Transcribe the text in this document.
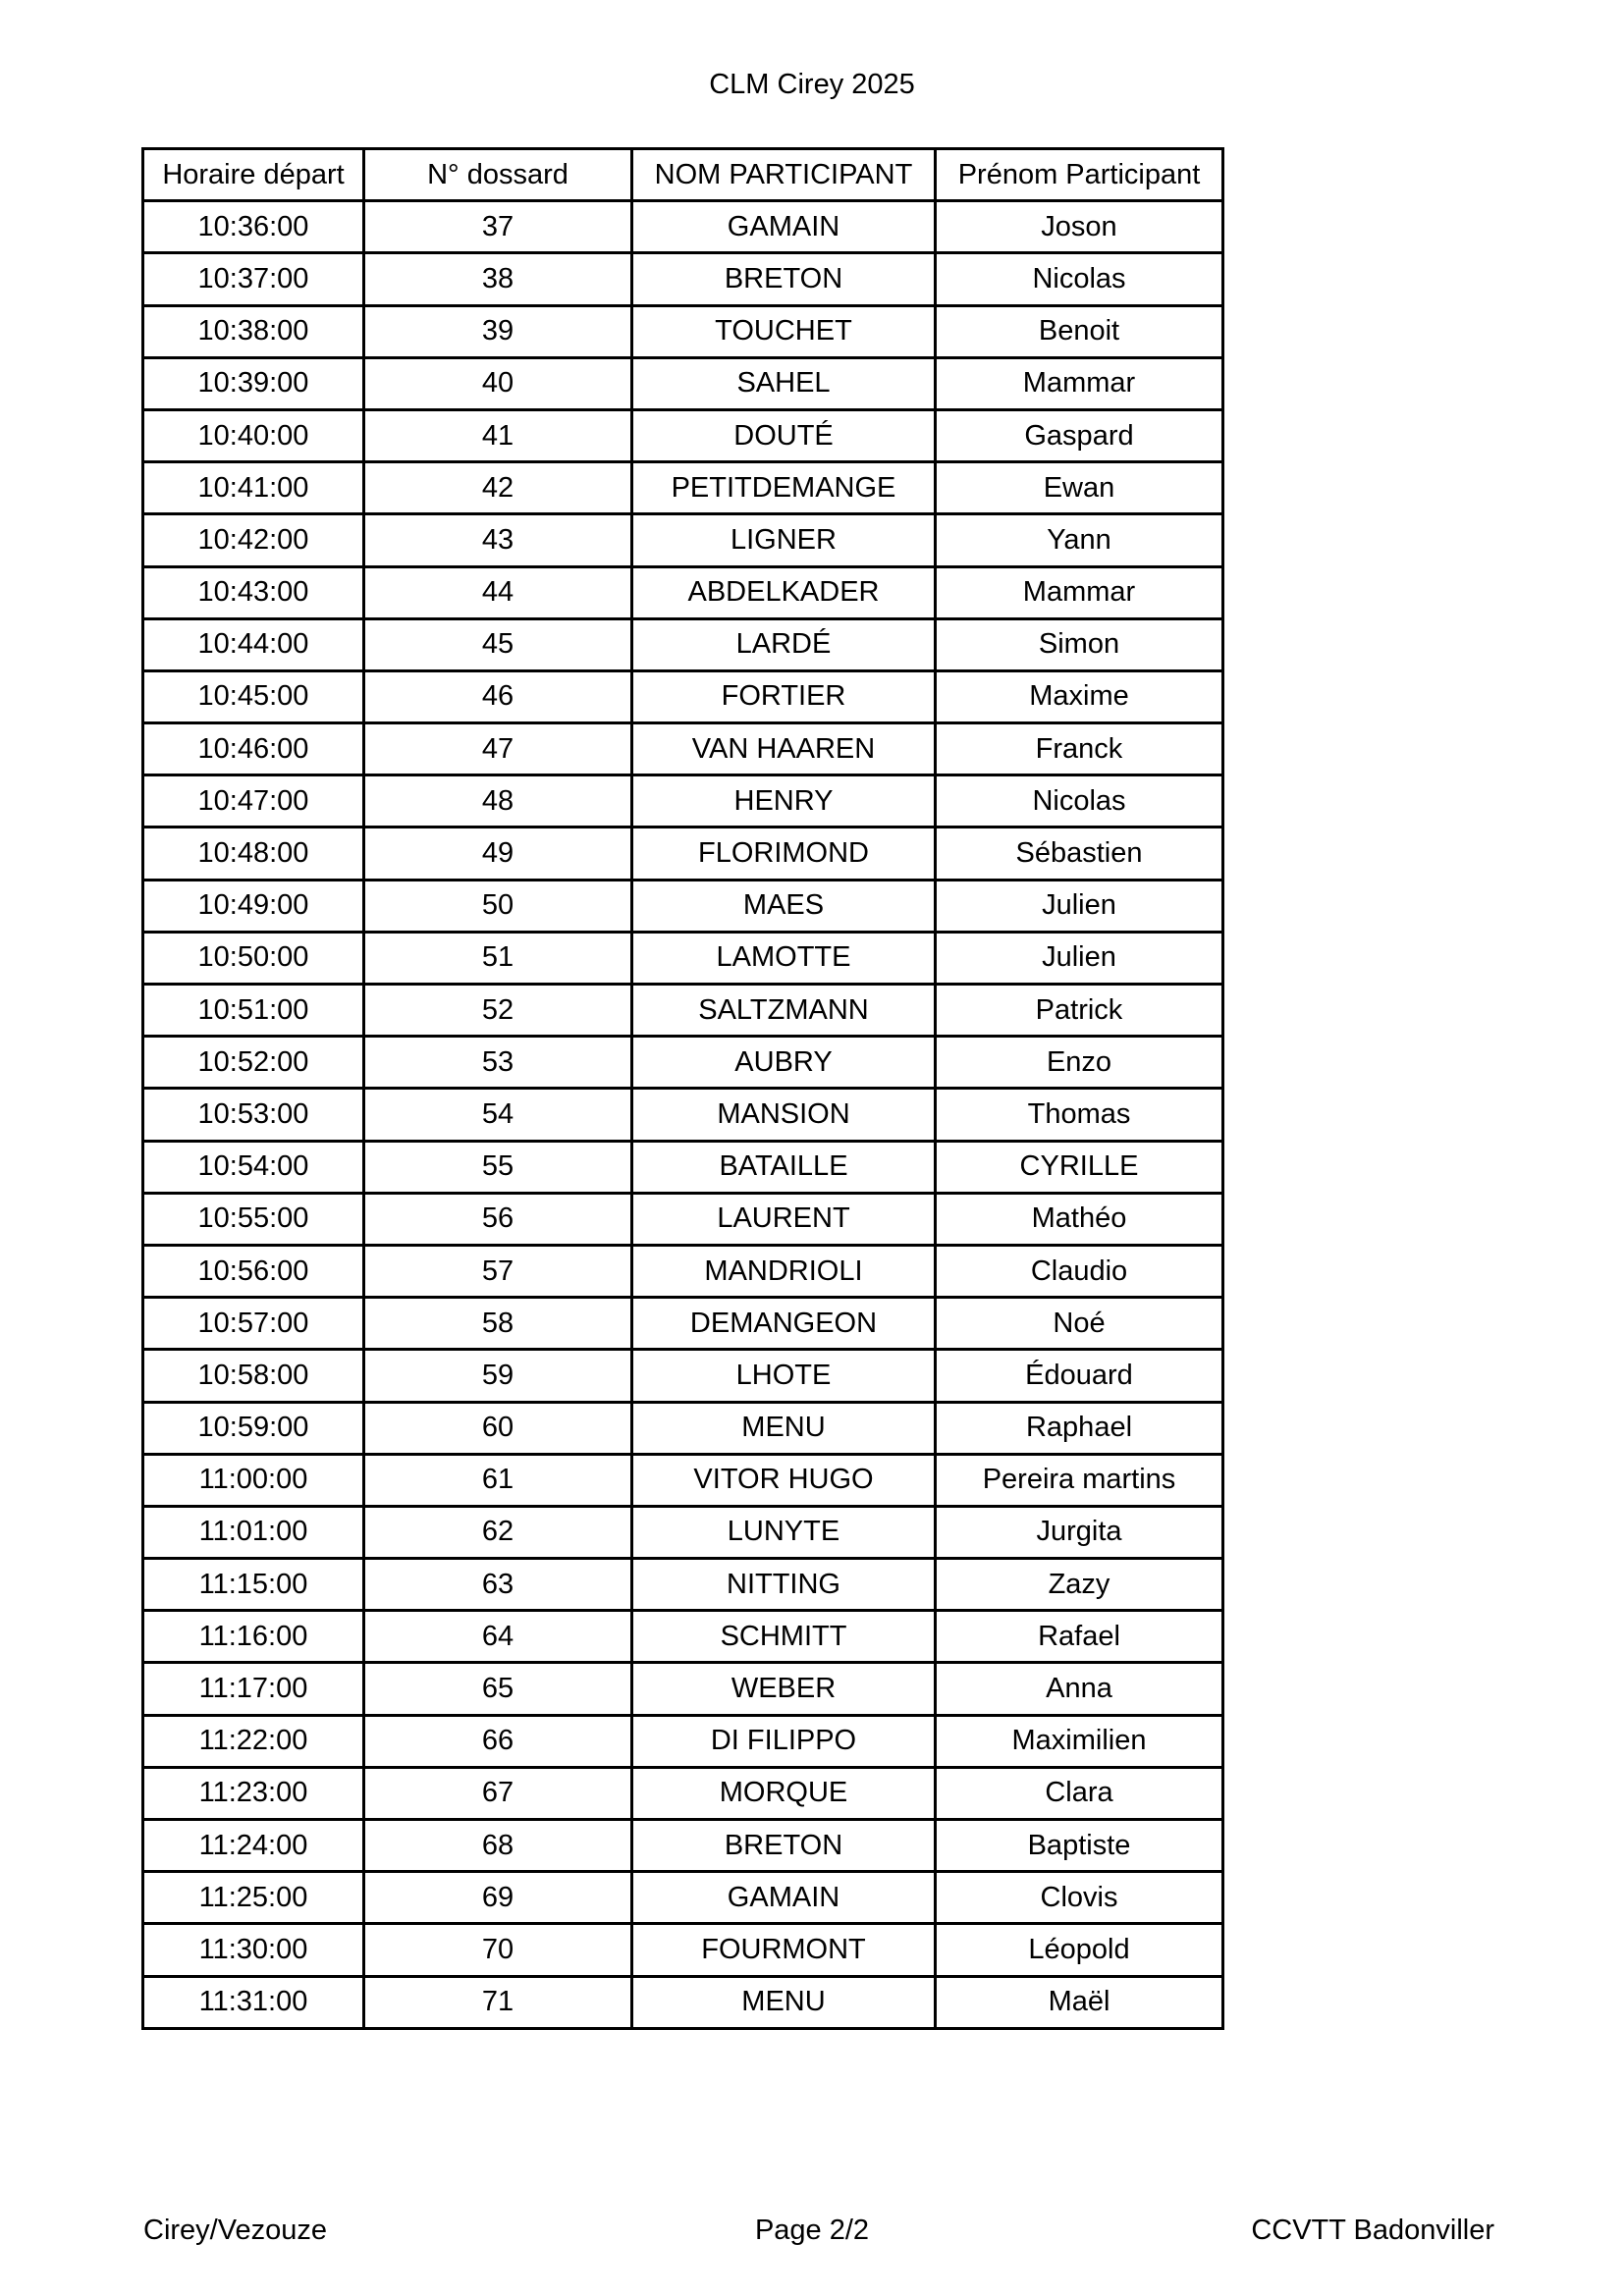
CLM Cirey 2025
Horaire départ	N° dossard	NOM PARTICIPANT	Prénom Participant
10:36:00	37	GAMAIN	Joson
10:37:00	38	BRETON	Nicolas
10:38:00	39	TOUCHET	Benoit
10:39:00	40	SAHEL	Mammar
10:40:00	41	DOUTÉ	Gaspard
10:41:00	42	PETITDEMANGE	Ewan
10:42:00	43	LIGNER	Yann
10:43:00	44	ABDELKADER	Mammar
10:44:00	45	LARDÉ	Simon
10:45:00	46	FORTIER	Maxime
10:46:00	47	VAN HAAREN	Franck
10:47:00	48	HENRY	Nicolas
10:48:00	49	FLORIMOND	Sébastien
10:49:00	50	MAES	Julien
10:50:00	51	LAMOTTE	Julien
10:51:00	52	SALTZMANN	Patrick
10:52:00	53	AUBRY	Enzo
10:53:00	54	MANSION	Thomas
10:54:00	55	BATAILLE	CYRILLE
10:55:00	56	LAURENT	Mathéo
10:56:00	57	MANDRIOLI	Claudio
10:57:00	58	DEMANGEON	Noé
10:58:00	59	LHOTE	Édouard
10:59:00	60	MENU	Raphael
11:00:00	61	VITOR HUGO	Pereira martins
11:01:00	62	LUNYTE	Jurgita
11:15:00	63	NITTING	Zazy
11:16:00	64	SCHMITT	Rafael
11:17:00	65	WEBER	Anna
11:22:00	66	DI FILIPPO	Maximilien
11:23:00	67	MORQUE	Clara
11:24:00	68	BRETON	Baptiste
11:25:00	69	GAMAIN	Clovis
11:30:00	70	FOURMONT	Léopold
11:31:00	71	MENU	Maël
Cirey/Vezouze	Page 2/2	CCVTT Badonviller
